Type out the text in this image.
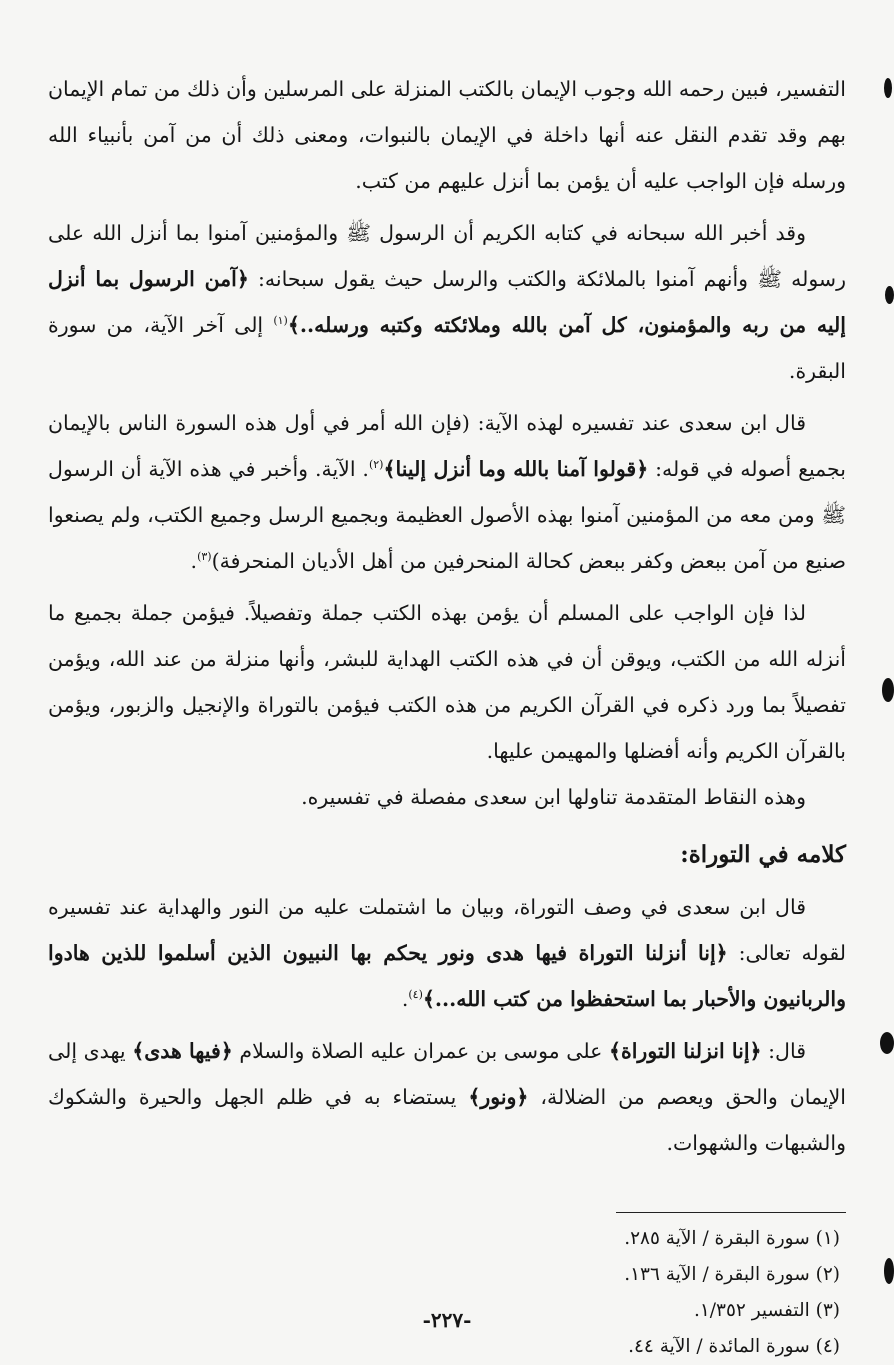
التفسير، فبين رحمه الله وجوب الإيمان بالكتب المنزلة على المرسلين وأن ذلك من تمام الإيمان بهم وقد تقدم النقل عنه أنها داخلة في الإيمان بالنبوات، ومعنى ذلك أن من آمن بأنبياء الله ورسله فإن الواجب عليه أن يؤمن بما أنزل عليهم من كتب.

وقد أخبر الله سبحانه في كتابه الكريم أن الرسول ﷺ والمؤمنين آمنوا بما أنزل الله على رسوله ﷺ وأنهم آمنوا بالملائكة والكتب والرسل حيث يقول سبحانه: ﴿آمن الرسول بما أنزل إليه من ربه والمؤمنون، كل آمن بالله وملائكته وكتبه ورسله..﴾$^{(١)}$ إلى آخر الآية، من سورة البقرة.

قال ابن سعدى عند تفسيره لهذه الآية: (فإن الله أمر في أول هذه السورة الناس بالإيمان بجميع أصوله في قوله: ﴿قولوا آمنا بالله وما أنزل إلينا﴾$^{(٢)}$. الآية. وأخبر في هذه الآية أن الرسول ﷺ ومن معه من المؤمنين آمنوا بهذه الأصول العظيمة وبجميع الرسل وجميع الكتب، ولم يصنعوا صنيع من آمن ببعض وكفر ببعض كحالة المنحرفين من أهل الأديان المنحرفة)$^{(٣)}$.

لذا فإن الواجب على المسلم أن يؤمن بهذه الكتب جملة وتفصيلاً. فيؤمن جملة بجميع ما أنزله الله من الكتب، ويوقن أن في هذه الكتب الهداية للبشر، وأنها منزلة من عند الله، ويؤمن تفصيلاً بما ورد ذكره في القرآن الكريم من هذه الكتب فيؤمن بالتوراة والإنجيل والزبور، ويؤمن بالقرآن الكريم وأنه أفضلها والمهيمن عليها.

وهذه النقاط المتقدمة تناولها ابن سعدى مفصلة في تفسيره.

كلامه في التوراة:

قال ابن سعدى في وصف التوراة، وبيان ما اشتملت عليه من النور والهداية عند تفسيره لقوله تعالى: ﴿إنا أنزلنا التوراة فيها هدى ونور يحكم بها النبيون الذين أسلموا للذين هادوا والربانيون والأحبار بما استحفظوا من كتب الله...﴾$^{(٤)}$.

قال: ﴿إنا انزلنا التوراة﴾ على موسى بن عمران عليه الصلاة والسلام ﴿فيها هدى﴾ يهدى إلى الإيمان والحق ويعصم من الضلالة، ﴿ونور﴾ يستضاء به في ظلم الجهل والحيرة والشكوك والشبهات والشهوات.

(١) سورة البقرة / الآية ٢٨٥.
(٢) سورة البقرة / الآية ١٣٦.
(٣) التفسير ١/٣٥٢.
(٤) سورة المائدة / الآية ٤٤.
-٢٢٧-
